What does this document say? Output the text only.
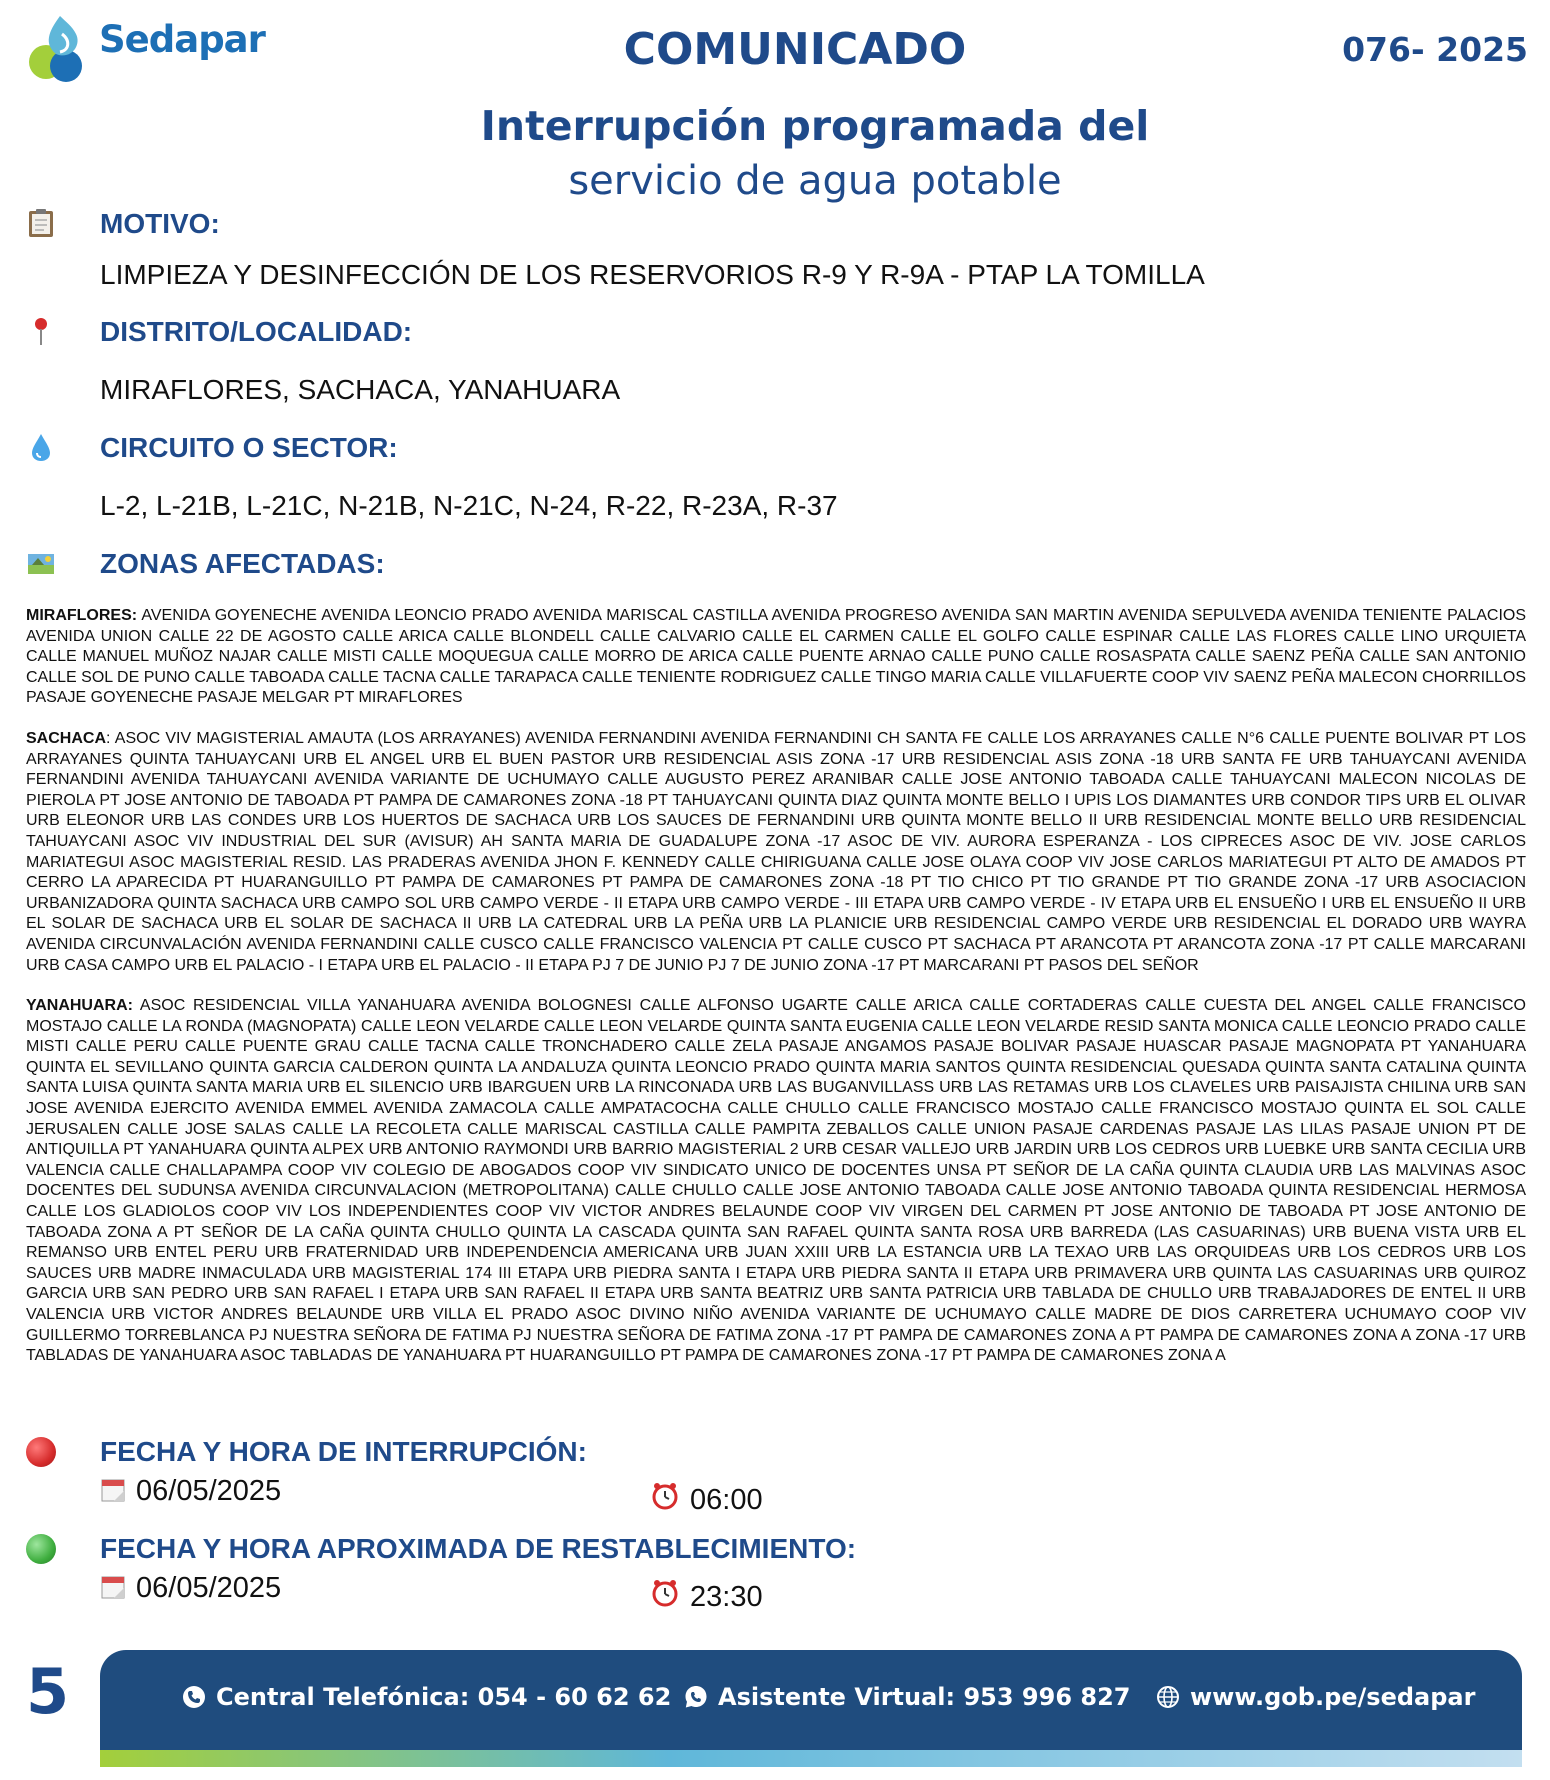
Sedapar	COMUNICADO	076- 2025
Interrupción programada del
servicio de agua potable
MOTIVO:
LIMPIEZA Y DESINFECCIÓN DE LOS RESERVORIOS R-9 Y R-9A - PTAP LA TOMILLA
DISTRITO/LOCALIDAD:
MIRAFLORES, SACHACA, YANAHUARA
CIRCUITO O SECTOR:
L-2, L-21B, L-21C, N-21B, N-21C, N-24, R-22, R-23A, R-37
ZONAS AFECTADAS:

MIRAFLORES: AVENIDA GOYENECHE AVENIDA LEONCIO PRADO AVENIDA MARISCAL CASTILLA AVENIDA PROGRESO AVENIDA SAN MARTIN AVENIDA SEPULVEDA AVENIDA TENIENTE PALACIOS AVENIDA UNION CALLE 22 DE AGOSTO CALLE ARICA CALLE BLONDELL CALLE CALVARIO CALLE EL CARMEN CALLE EL GOLFO CALLE ESPINAR CALLE LAS FLORES CALLE LINO URQUIETA CALLE MANUEL MUÑOZ NAJAR CALLE MISTI CALLE MOQUEGUA CALLE MORRO DE ARICA CALLE PUENTE ARNAO CALLE PUNO CALLE ROSASPATA CALLE SAENZ PEÑA CALLE SAN ANTONIO CALLE SOL DE PUNO CALLE TABOADA CALLE TACNA CALLE TARAPACA CALLE TENIENTE RODRIGUEZ CALLE TINGO MARIA CALLE VILLAFUERTE COOP VIV SAENZ PEÑA MALECON CHORRILLOS PASAJE GOYENECHE PASAJE MELGAR PT MIRAFLORES

SACHACA: ASOC VIV MAGISTERIAL AMAUTA (LOS ARRAYANES) AVENIDA FERNANDINI AVENIDA FERNANDINI CH SANTA FE CALLE LOS ARRAYANES CALLE N°6 CALLE PUENTE BOLIVAR PT LOS ARRAYANES QUINTA TAHUAYCANI URB EL ANGEL URB EL BUEN PASTOR URB RESIDENCIAL ASIS ZONA -17 URB RESIDENCIAL ASIS ZONA -18 URB SANTA FE URB TAHUAYCANI AVENIDA FERNANDINI AVENIDA TAHUAYCANI AVENIDA VARIANTE DE UCHUMAYO CALLE AUGUSTO PEREZ ARANIBAR CALLE JOSE ANTONIO TABOADA CALLE TAHUAYCANI MALECON NICOLAS DE PIEROLA PT JOSE ANTONIO DE TABOADA PT PAMPA DE CAMARONES ZONA -18 PT TAHUAYCANI QUINTA DIAZ QUINTA MONTE BELLO I UPIS LOS DIAMANTES URB CONDOR TIPS URB EL OLIVAR URB ELEONOR URB LAS CONDES URB LOS HUERTOS DE SACHACA URB LOS SAUCES DE FERNANDINI URB QUINTA MONTE BELLO II URB RESIDENCIAL MONTE BELLO URB RESIDENCIAL TAHUAYCANI ASOC VIV INDUSTRIAL DEL SUR (AVISUR) AH SANTA MARIA DE GUADALUPE ZONA -17 ASOC DE VIV. AURORA ESPERANZA - LOS CIPRECES ASOC DE VIV. JOSE CARLOS MARIATEGUI ASOC MAGISTERIAL RESID. LAS PRADERAS AVENIDA JHON F. KENNEDY CALLE CHIRIGUANA CALLE JOSE OLAYA COOP VIV JOSE CARLOS MARIATEGUI PT ALTO DE AMADOS PT CERRO LA APARECIDA PT HUARANGUILLO PT PAMPA DE CAMARONES PT PAMPA DE CAMARONES ZONA -18 PT TIO CHICO PT TIO GRANDE PT TIO GRANDE ZONA -17 URB ASOCIACION URBANIZADORA QUINTA SACHACA URB CAMPO SOL URB CAMPO VERDE - II ETAPA URB CAMPO VERDE - III ETAPA URB CAMPO VERDE - IV ETAPA URB EL ENSUEÑO I URB EL ENSUEÑO II URB EL SOLAR DE SACHACA URB EL SOLAR DE SACHACA II URB LA CATEDRAL URB LA PEÑA URB LA PLANICIE URB RESIDENCIAL CAMPO VERDE URB RESIDENCIAL EL DORADO URB WAYRA AVENIDA CIRCUNVALACIÓN AVENIDA FERNANDINI CALLE CUSCO CALLE FRANCISCO VALENCIA PT CALLE CUSCO PT SACHACA PT ARANCOTA PT ARANCOTA ZONA -17 PT CALLE MARCARANI URB CASA CAMPO URB EL PALACIO - I ETAPA URB EL PALACIO - II ETAPA PJ 7 DE JUNIO PJ 7 DE JUNIO ZONA -17 PT MARCARANI PT PASOS DEL SEÑOR

YANAHUARA: ASOC RESIDENCIAL VILLA YANAHUARA AVENIDA BOLOGNESI CALLE ALFONSO UGARTE CALLE ARICA CALLE CORTADERAS CALLE CUESTA DEL ANGEL CALLE FRANCISCO MOSTAJO CALLE LA RONDA (MAGNOPATA) CALLE LEON VELARDE CALLE LEON VELARDE QUINTA SANTA EUGENIA CALLE LEON VELARDE RESID SANTA MONICA CALLE LEONCIO PRADO CALLE MISTI CALLE PERU CALLE PUENTE GRAU CALLE TACNA CALLE TRONCHADERO CALLE ZELA PASAJE ANGAMOS PASAJE BOLIVAR PASAJE HUASCAR PASAJE MAGNOPATA PT YANAHUARA QUINTA EL SEVILLANO QUINTA GARCIA CALDERON QUINTA LA ANDALUZA QUINTA LEONCIO PRADO QUINTA MARIA SANTOS QUINTA RESIDENCIAL QUESADA QUINTA SANTA CATALINA QUINTA SANTA LUISA QUINTA SANTA MARIA URB EL SILENCIO URB IBARGUEN URB LA RINCONADA URB LAS BUGANVILLASS URB LAS RETAMAS URB LOS CLAVELES URB PAISAJISTA CHILINA URB SAN JOSE AVENIDA EJERCITO AVENIDA EMMEL AVENIDA ZAMACOLA CALLE AMPATACOCHA CALLE CHULLO CALLE FRANCISCO MOSTAJO CALLE FRANCISCO MOSTAJO QUINTA EL SOL CALLE JERUSALEN CALLE JOSE SALAS CALLE LA RECOLETA CALLE MARISCAL CASTILLA CALLE PAMPITA ZEBALLOS CALLE UNION PASAJE CARDENAS PASAJE LAS LILAS PASAJE UNION PT DE ANTIQUILLA PT YANAHUARA QUINTA ALPEX URB ANTONIO RAYMONDI URB BARRIO MAGISTERIAL 2 URB CESAR VALLEJO URB JARDIN URB LOS CEDROS URB LUEBKE URB SANTA CECILIA URB VALENCIA CALLE CHALLAPAMPA COOP VIV COLEGIO DE ABOGADOS COOP VIV SINDICATO UNICO DE DOCENTES UNSA PT SEÑOR DE LA CAÑA QUINTA CLAUDIA URB LAS MALVINAS ASOC DOCENTES DEL SUDUNSA AVENIDA CIRCUNVALACION (METROPOLITANA) CALLE CHULLO CALLE JOSE ANTONIO TABOADA CALLE JOSE ANTONIO TABOADA QUINTA RESIDENCIAL HERMOSA CALLE LOS GLADIOLOS COOP VIV LOS INDEPENDIENTES COOP VIV VICTOR ANDRES BELAUNDE COOP VIV VIRGEN DEL CARMEN PT JOSE ANTONIO DE TABOADA PT JOSE ANTONIO DE TABOADA ZONA A PT SEÑOR DE LA CAÑA QUINTA CHULLO QUINTA LA CASCADA QUINTA SAN RAFAEL QUINTA SANTA ROSA URB BARREDA (LAS CASUARINAS) URB BUENA VISTA URB EL REMANSO URB ENTEL PERU URB FRATERNIDAD URB INDEPENDENCIA AMERICANA URB JUAN XXIII URB LA ESTANCIA URB LA TEXAO URB LAS ORQUIDEAS URB LOS CEDROS URB LOS SAUCES URB MADRE INMACULADA URB MAGISTERIAL 174 III ETAPA URB PIEDRA SANTA I ETAPA URB PIEDRA SANTA II ETAPA URB PRIMAVERA URB QUINTA LAS CASUARINAS URB QUIROZ GARCIA URB SAN PEDRO URB SAN RAFAEL I ETAPA URB SAN RAFAEL II ETAPA URB SANTA BEATRIZ URB SANTA PATRICIA URB TABLADA DE CHULLO URB TRABAJADORES DE ENTEL II URB VALENCIA URB VICTOR ANDRES BELAUNDE URB VILLA EL PRADO ASOC DIVINO NIÑO AVENIDA VARIANTE DE UCHUMAYO CALLE MADRE DE DIOS CARRETERA UCHUMAYO COOP VIV GUILLERMO TORREBLANCA PJ NUESTRA SEÑORA DE FATIMA PJ NUESTRA SEÑORA DE FATIMA ZONA -17 PT PAMPA DE CAMARONES ZONA A PT PAMPA DE CAMARONES ZONA A ZONA -17 URB TABLADAS DE YANAHUARA ASOC TABLADAS DE YANAHUARA PT HUARANGUILLO PT PAMPA DE CAMARONES ZONA -17 PT PAMPA DE CAMARONES ZONA A

FECHA Y HORA DE INTERRUPCIÓN:
06/05/2025	06:00
FECHA Y HORA APROXIMADA DE RESTABLECIMIENTO:
06/05/2025	23:30
5	Central Telefónica: 054 - 60 62 62 Asistente Virtual: 953 996 827 www.gob.pe/sedapar
